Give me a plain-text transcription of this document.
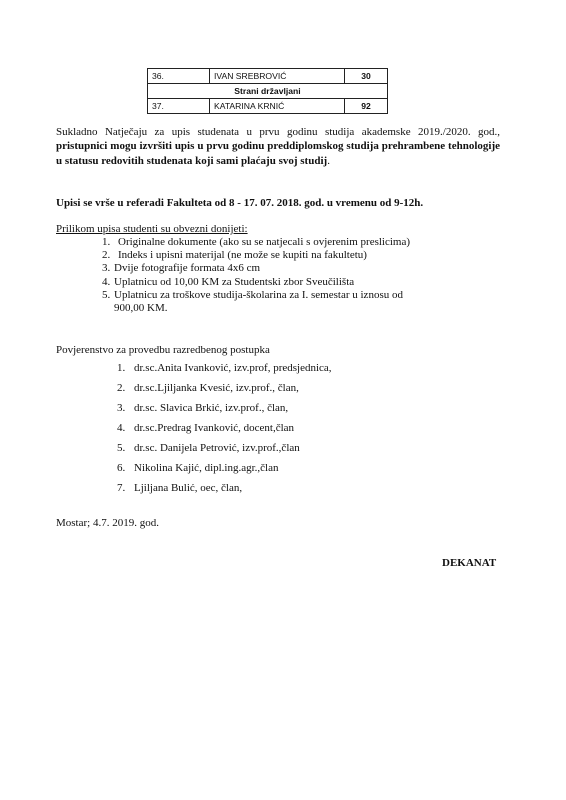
36.	IVAN SREBROVIĆ	30
Strani državljani		
37.	KATARINA KRNIĆ	92
Sukladno Natječaju za upis studenata u prvu godinu studija akademske 2019./2020. god., pristupnici mogu izvršiti upis u prvu godinu preddiplomskog studija prehrambene tehnologije u statusu redovitih studenata koji sami plaćaju svoj studij.
Upisi se vrše u referadi Fakulteta od 8 - 17. 07. 2018. god. u vremenu od 9-12h.
Prilikom upisa studenti su obvezni donijeti:
1. Originalne dokumente (ako su se natjecali s ovjerenim preslicima)
2. Indeks i upisni materijal (ne može se kupiti na fakultetu)
3. Dvije fotografije formata 4x6 cm
4. Uplatnicu od 10,00 KM za Studentski zbor Sveučilišta
5. Uplatnicu za troškove studija-školarina za I. semestar u iznosu od
900,00 KM.
Povjerenstvo za provedbu razredbenog postupka
1. dr.sc.Anita Ivanković, izv.prof, predsjednica,
2. dr.sc.Ljiljanka Kvesić, izv.prof., član,
3. dr.sc. Slavica Brkić, izv.prof., član,
4. dr.sc.Predrag Ivanković, docent,član
5. dr.sc. Danijela Petrović, izv.prof.,član
6. Nikolina Kajić, dipl.ing.agr.,član
7. Ljiljana Bulić, oec, član,
Mostar; 4.7. 2019. god.
DEKANAT
